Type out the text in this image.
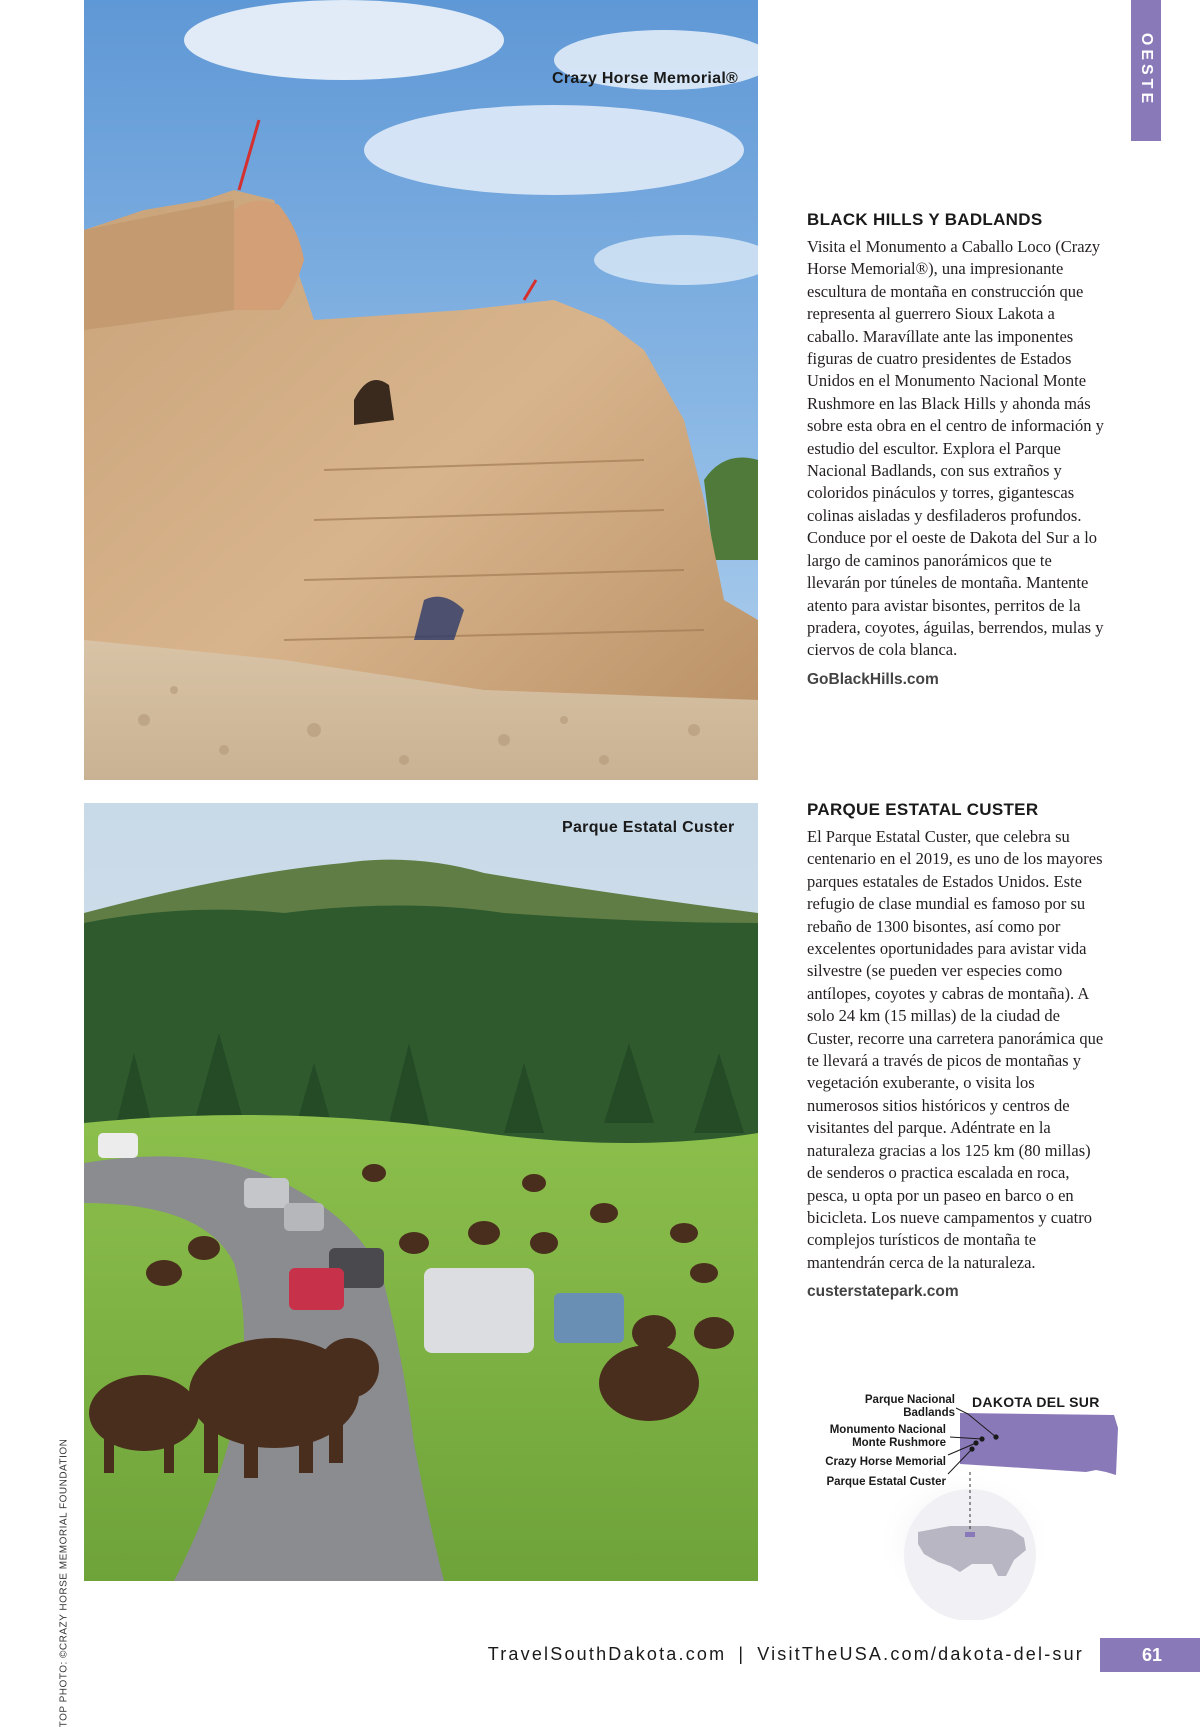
OESTE
Crazy Horse Memorial®
Parque Estatal Custer
TOP PHOTO: ©CRAZY HORSE MEMORIAL FOUNDATION
BLACK HILLS Y BADLANDS

Visita el Monumento a Caballo Loco (Crazy Horse Memorial®), una impresionante escultura de montaña en construcción que representa al guerrero Sioux Lakota a caballo. Maravíllate ante las imponentes figuras de cuatro presidentes de Estados Unidos en el Monumento Nacional Monte Rushmore en las Black Hills y ahonda más sobre esta obra en el centro de información y estudio del escultor. Explora el Parque Nacional Badlands, con sus extraños y coloridos pináculos y torres, gigantescas colinas aisladas y desfiladeros profundos. Conduce por el oeste de Dakota del Sur a lo largo de caminos panorámicos que te llevarán por túneles de montaña. Mantente atento para avistar bisontes, perritos de la pradera, coyotes, águilas, berrendos, mulas y ciervos de cola blanca.

GoBlackHills.com
PARQUE ESTATAL CUSTER

El Parque Estatal Custer, que celebra su centenario en el 2019, es uno de los mayores parques estatales de Estados Unidos. Este refugio de clase mundial es famoso por su rebaño de 1300 bisontes, así como por excelentes oportunidades para avistar vida silvestre (se pueden ver especies como antílopes, coyotes y cabras de montaña). A solo 24 km (15 millas) de la ciudad de Custer, recorre una carretera panorámica que te llevará a través de picos de montañas y vegetación exuberante, o visita los numerosos sitios históricos y centros de visitantes del parque. Adéntrate en la naturaleza gracias a los 125 km (80 millas) de senderos o practica escalada en roca, pesca, u opta por un paseo en barco o en bicicleta. Los nueve campamentos y cuatro complejos turísticos de montaña te mantendrán cerca de la naturaleza.

custerstatepark.com
Parque Nacional Badlands
Monumento Nacional Monte Rushmore
Crazy Horse Memorial
Parque Estatal Custer
DAKOTA DEL SUR
TravelSouthDakota.com | VisitTheUSA.com/dakota-del-sur	61
